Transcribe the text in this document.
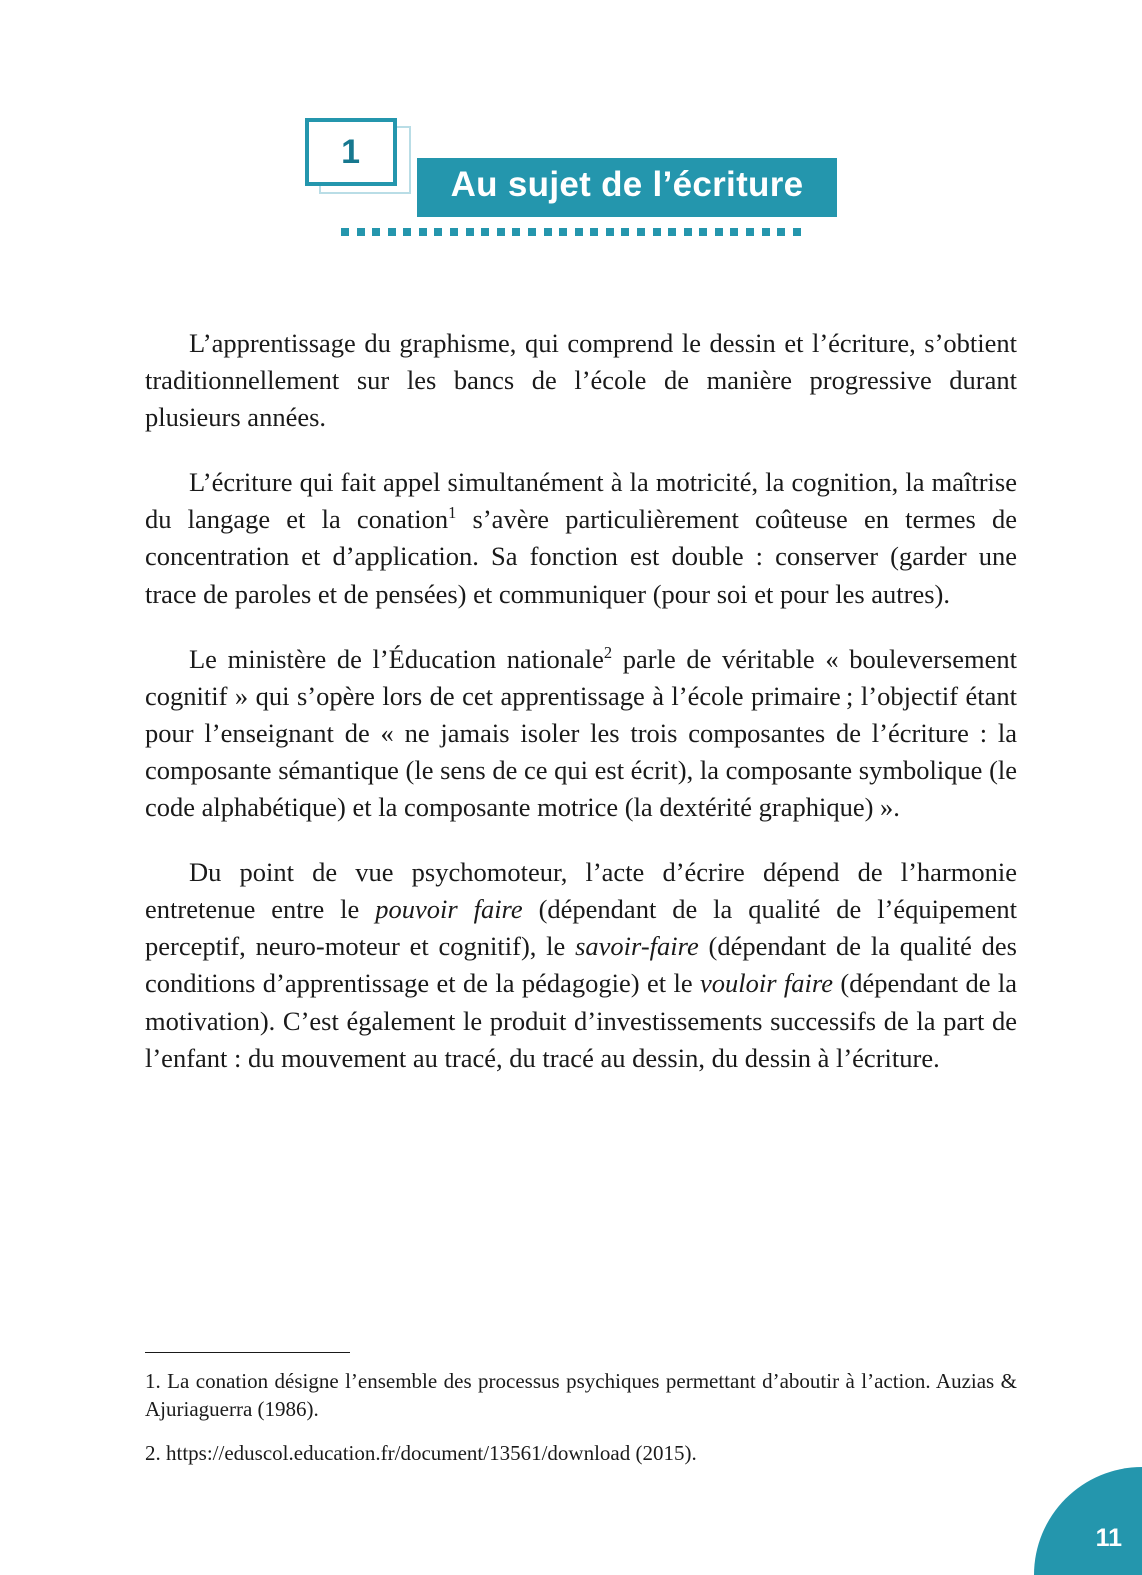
1
Au sujet de l’écriture

L’apprentissage du graphisme, qui comprend le dessin et l’écriture, s’obtient traditionnellement sur les bancs de l’école de manière progressive durant plusieurs années.

L’écriture qui fait appel simultanément à la motricité, la cognition, la maîtrise du langage et la conation$^1$ s’avère particulièrement coûteuse en termes de concentration et d’application. Sa fonction est double : conserver (garder une trace de paroles et de pensées) et communiquer (pour soi et pour les autres).

Le ministère de l’Éducation nationale$^2$ parle de véritable « bouleversement cognitif » qui s’opère lors de cet apprentissage à l’école primaire ; l’objectif étant pour l’enseignant de « ne jamais isoler les trois composantes de l’écriture : la composante sémantique (le sens de ce qui est écrit), la composante symbolique (le code alphabétique) et la composante motrice (la dextérité graphique) ».

Du point de vue psychomoteur, l’acte d’écrire dépend de l’harmonie entretenue entre le pouvoir faire (dépendant de la qualité de l’équipement perceptif, neuro-moteur et cognitif), le savoir-faire (dépendant de la qualité des conditions d’apprentissage et de la pédagogie) et le vouloir faire (dépendant de la motivation). C’est également le produit d’investissements successifs de la part de l’enfant : du mouvement au tracé, du tracé au dessin, du dessin à l’écriture.

1. La conation désigne l’ensemble des processus psychiques permettant d’aboutir à l’action. Auzias & Ajuriaguerra (1986).

2. https://eduscol.education.fr/document/13561/download (2015).

11
